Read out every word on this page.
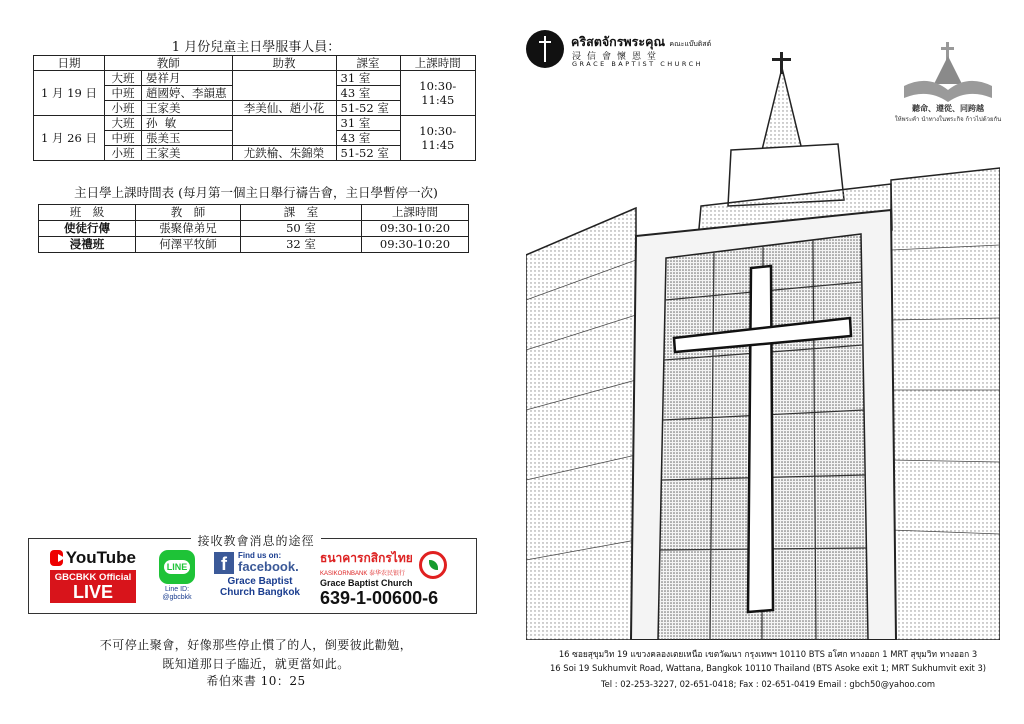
1 月份兒童主日學服事人員：
日期	教師		助教	課室	上課時間
1 月 19 日	大班	晏祥月		31 室	10:30-11:45
	中班	趙國婷、李韻惠		43 室	
	小班	王家美	李美仙、趙小花	51-52 室	
1 月 26 日	大班	孙  敏		31 室	10:30-11:45
	中班	張美玉		43 室	
	小班	王家美	尤鉄榆、朱錦榮	51-52 室	
主日學上課時間表 (每月第一個主日舉行禱告會，主日學暫停一次)
班　級	教　師	課　室	上課時間
使徒行傳	張聚偉弟兄	50 室	09:30-10:20
浸禮班	何澤平牧師	32 室	09:30-10:20
接收教會消息的途徑
YouTube
GBCBKK Official
LIVE
LINE
Line ID:
@gbcbkk
f	Find us on:
facebook.
Grace Baptist
Church Bangkok
ธนาคารกสิกรไทย
KASIKORNBANK 泰华农民银行
Grace Baptist Church
639-1-00600-6
不可停止聚會，好像那些停止慣了的人，倒要彼此勸勉，
既知道那日子臨近，就更當如此。
希伯來書 10：25
คริสตจักรพระคุณ คณะแบ๊บติสต์
浸信會懷恩堂
GRACE BAPTIST CHURCH
聽命、遵從、同跨越
ให้พระคำ นำทางในพระกิจ ก้าวไปด้วยกัน
16 ซอยสุขุมวิท 19 แขวงคลองเตยเหนือ เขตวัฒนา กรุงเทพฯ 10110 BTS อโศก ทางออก 1 MRT สุขุมวิท ทางออก 3
16 Soi 19 Sukhumvit Road, Wattana, Bangkok 10110 Thailand (BTS Asoke exit 1; MRT Sukhumvit exit 3)
Tel : 02-253-3227, 02-651-0418; Fax : 02-651-0419 Email : gbch50@yahoo.com
